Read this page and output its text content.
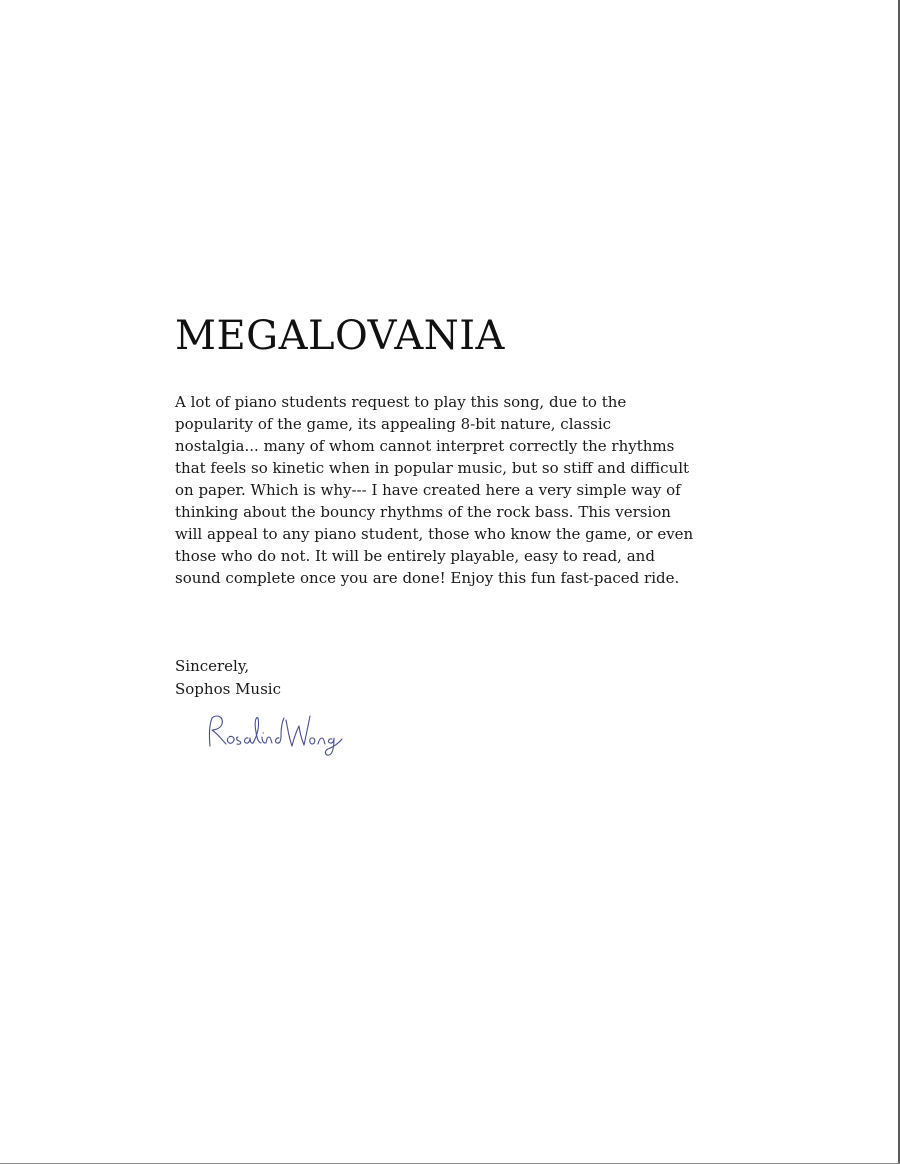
MEGALOVANIA

A lot of piano students request to play this song, due to the
popularity of the game, its appealing 8-bit nature, classic
nostalgia... many of whom cannot interpret correctly the rhythms
that feels so kinetic when in popular music, but so stiff and difficult
on paper. Which is why--- I have created here a very simple way of
thinking about the bouncy rhythms of the rock bass. This version
will appeal to any piano student, those who know the game, or even
those who do not. It will be entirely playable, easy to read, and
sound complete once you are done! Enjoy this fun fast-paced ride.

Sincerely,
Sophos Music
